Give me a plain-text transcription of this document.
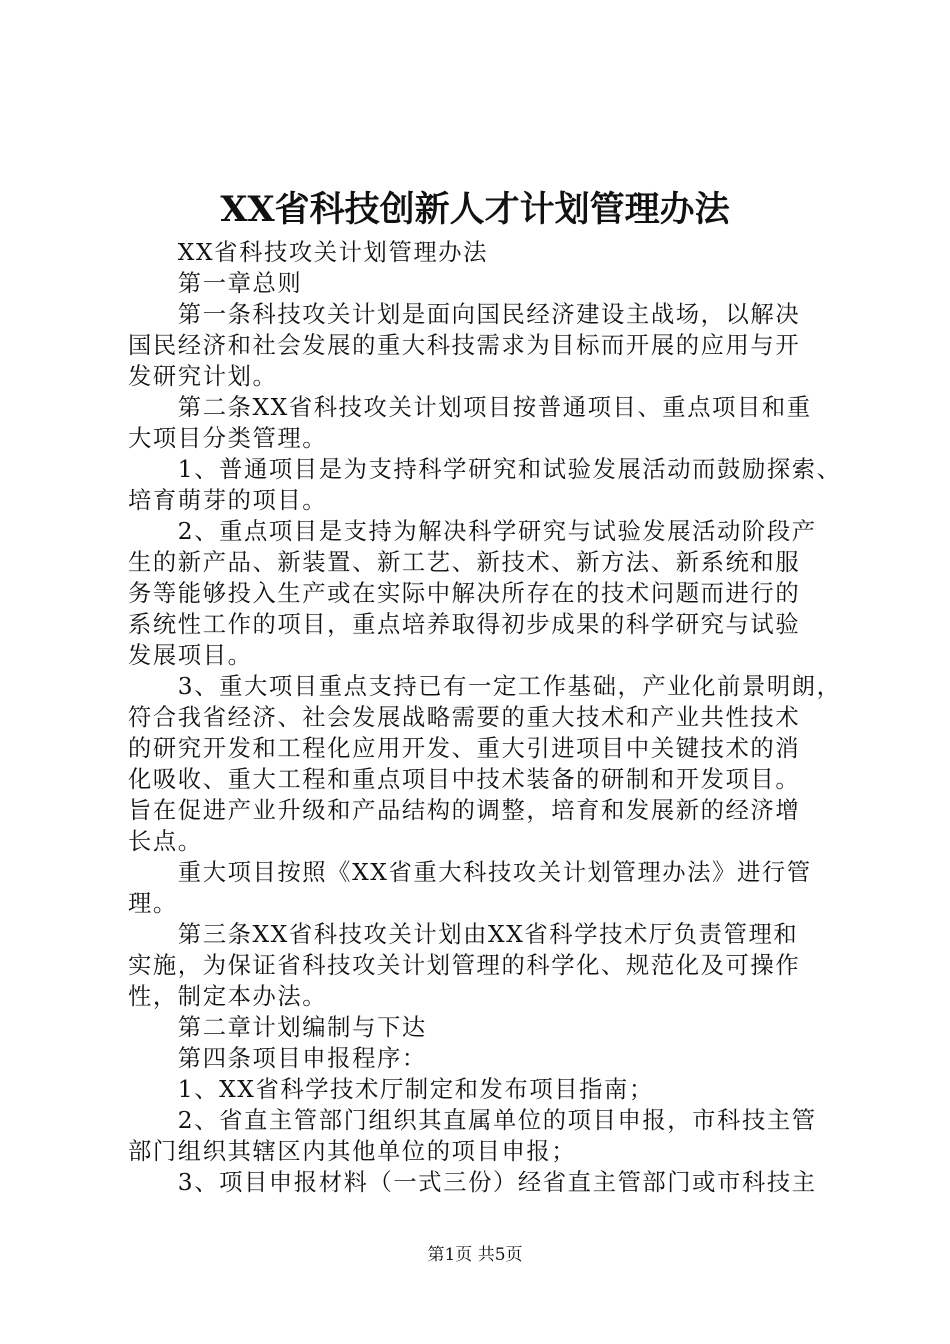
XX省科技创新人才计划管理办法
XX省科技攻关计划管理办法
第一章总则
第一条科技攻关计划是面向国民经济建设主战场，以解决
国民经济和社会发展的重大科技需求为目标而开展的应用与开
发研究计划。
第二条XX省科技攻关计划项目按普通项目、重点项目和重
大项目分类管理。
1、普通项目是为支持科学研究和试验发展活动而鼓励探索、
培育萌芽的项目。
2、重点项目是支持为解决科学研究与试验发展活动阶段产
生的新产品、新装置、新工艺、新技术、新方法、新系统和服
务等能够投入生产或在实际中解决所存在的技术问题而进行的
系统性工作的项目，重点培养取得初步成果的科学研究与试验
发展项目。
3、重大项目重点支持已有一定工作基础，产业化前景明朗，
符合我省经济、社会发展战略需要的重大技术和产业共性技术
的研究开发和工程化应用开发、重大引进项目中关键技术的消
化吸收、重大工程和重点项目中技术装备的研制和开发项目。
旨在促进产业升级和产品结构的调整，培育和发展新的经济增
长点。
重大项目按照《XX省重大科技攻关计划管理办法》进行管
理。
第三条XX省科技攻关计划由XX省科学技术厅负责管理和
实施，为保证省科技攻关计划管理的科学化、规范化及可操作
性，制定本办法。
第二章计划编制与下达
第四条项目申报程序：
1、XX省科学技术厅制定和发布项目指南；
2、省直主管部门组织其直属单位的项目申报，市科技主管
部门组织其辖区内其他单位的项目申报；
3、项目申报材料（一式三份）经省直主管部门或市科技主
第1页 共5页
